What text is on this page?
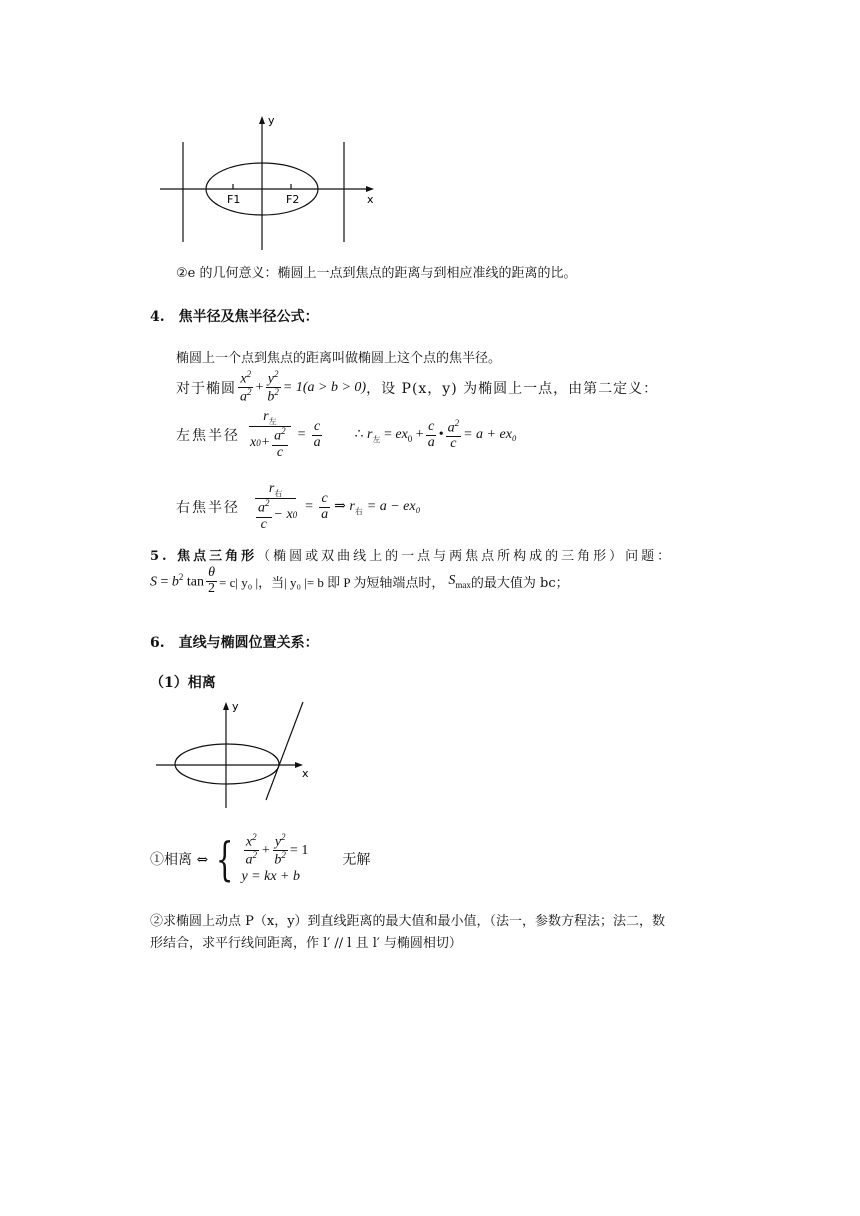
y
x
F1	F2
②e 的几何意义：椭圆上一点到焦点的距离与到相应准线的距离的比。
4.　焦半径及焦半径公式：
椭圆上一个点到焦点的距离叫做椭圆上这个点的焦半径。
对于椭圆 $\frac{x^2}{a^2} + \frac{y^2}{b^2} = 1(a > b > 0)$ ，设 P(x，y) 为椭圆上一点，由第二定义：
左焦半径 $\frac{r_左}{x 0 + \frac{a^2}{c}} = \frac{c}{a}$ ∴ $r_左 = ex_0 + \frac{c}{a}$ • $\frac{a^2}{c} = a + ex_0$
右焦半径 $\frac{r_右}{\frac{a^2}{c} - x 0} = \frac{c}{a}$ ⇒ $r_右 = a - ex_0$
5. 焦点三角形（椭圆或双曲线上的一点与两焦点所构成的三角形）问题：
$S = b^2$ $\tan \frac{\theta}{2} = c|$ y₀ |，当| y₀ |= b 即 P 为短轴端点时， $S_{max}$ 的最大值为 bc；
6.　直线与椭圆位置关系：
（1）相离
y
x
①相离 ⇔ { $\frac{x^2}{a^2} + \frac{y^2}{b^2} = 1$
y = kx + b
无解
②求椭圆上动点 P（x，y）到直线距离的最大值和最小值，（法一，参数方程法；法二，数
形结合，求平行线间距离，作 l′ // l 且 l′ 与椭圆相切）
